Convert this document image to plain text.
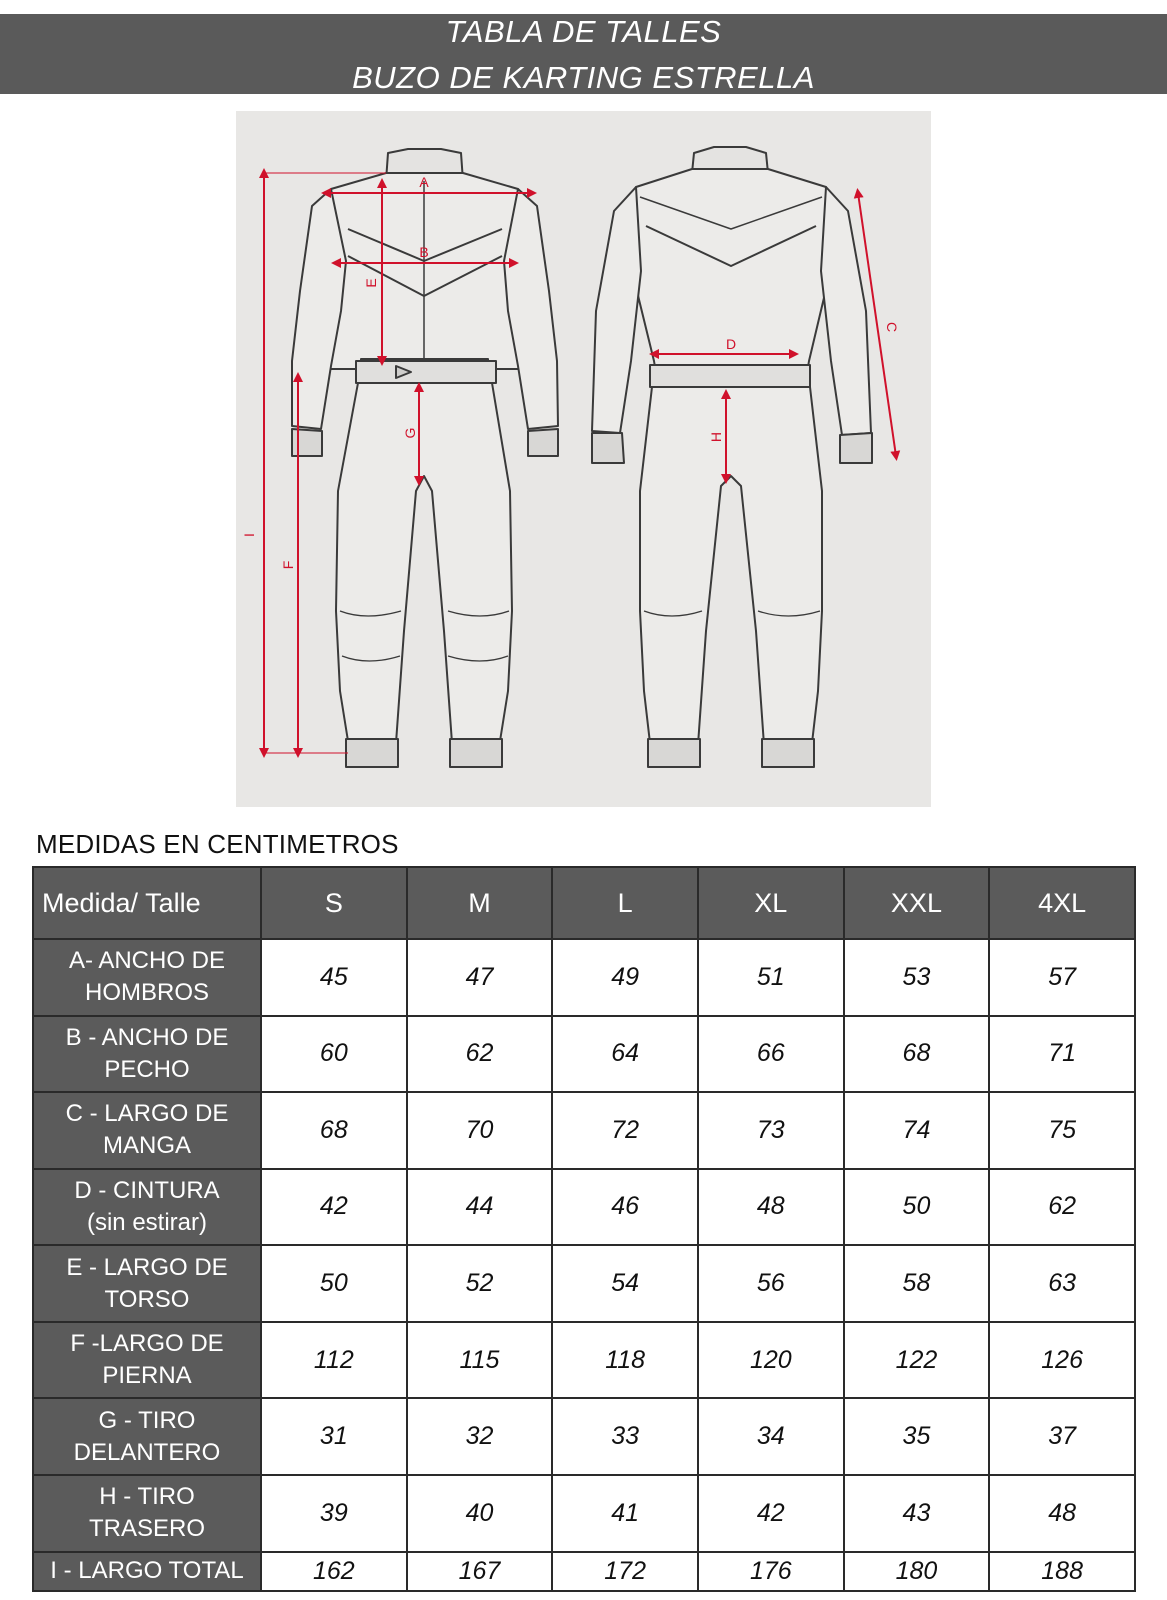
TABLA DE TALLES
BUZO DE KARTING ESTRELLA
A
B
C
D
E
F
G	H
I
MEDIDAS EN CENTIMETROS
Medida/ Talle	S	M	L	XL	XXL	4XL
A- ANCHO DE
HOMBROS	45	47	49	51	53	57
B - ANCHO DE
PECHO	60	62	64	66	68	71
C - LARGO DE
MANGA	68	70	72	73	74	75
D - CINTURA
(sin estirar)	42	44	46	48	50	62
E - LARGO DE
TORSO	50	52	54	56	58	63
F -LARGO DE
PIERNA	112	115	118	120	122	126
G - TIRO
DELANTERO	31	32	33	34	35	37
H - TIRO
TRASERO	39	40	41	42	43	48
I - LARGO TOTAL	162	167	172	176	180	188
